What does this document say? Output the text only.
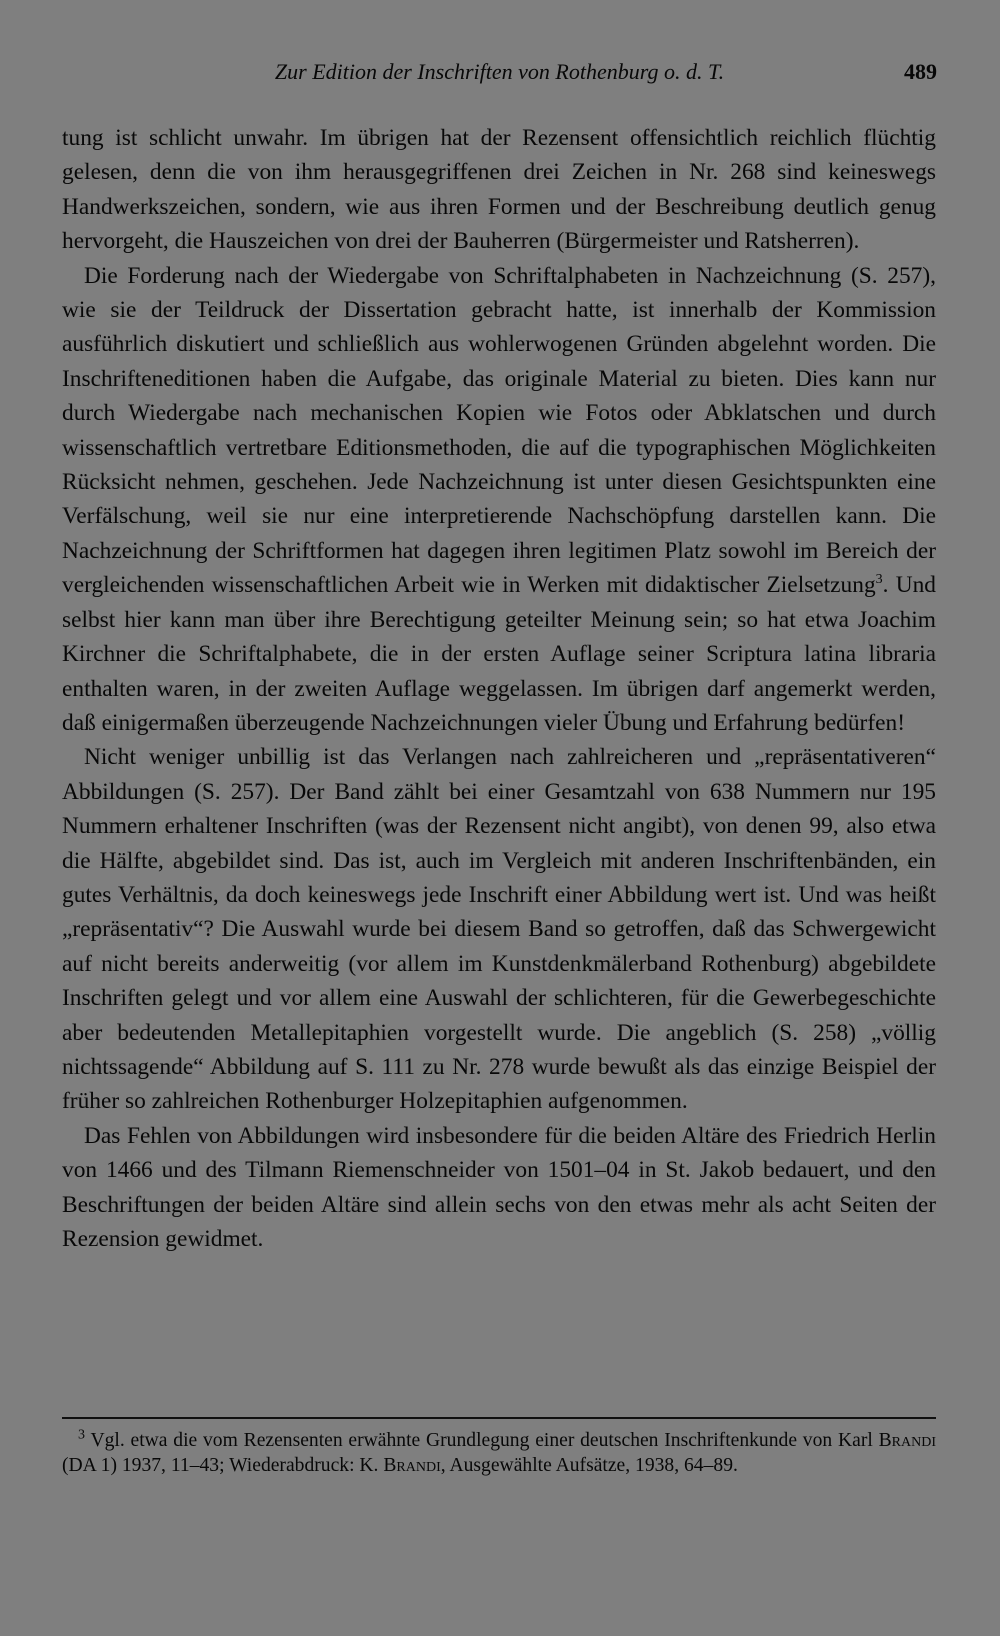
Zur Edition der Inschriften von Rothenburg o. d. T.	489

tung ist schlicht unwahr. Im übrigen hat der Rezensent offensichtlich reichlich flüchtig gelesen, denn die von ihm herausgegriffenen drei Zeichen in Nr. 268 sind keineswegs Handwerkszeichen, sondern, wie aus ihren Formen und der Beschreibung deutlich genug hervorgeht, die Hauszeichen von drei der Bauherren (Bürgermeister und Ratsherren).

Die Forderung nach der Wiedergabe von Schriftalphabeten in Nachzeichnung (S. 257), wie sie der Teildruck der Dissertation gebracht hatte, ist innerhalb der Kommission ausführlich diskutiert und schließlich aus wohlerwogenen Gründen abgelehnt worden. Die Inschrifteneditionen haben die Aufgabe, das originale Material zu bieten. Dies kann nur durch Wiedergabe nach mechanischen Kopien wie Fotos oder Abklatschen und durch wissenschaftlich vertretbare Editionsmethoden, die auf die typographischen Möglichkeiten Rücksicht nehmen, geschehen. Jede Nachzeichnung ist unter diesen Gesichtspunkten eine Verfälschung, weil sie nur eine interpretierende Nachschöpfung darstellen kann. Die Nachzeichnung der Schriftformen hat dagegen ihren legitimen Platz sowohl im Bereich der vergleichenden wissenschaftlichen Arbeit wie in Werken mit didaktischer Zielsetzung$^3$. Und selbst hier kann man über ihre Berechtigung geteilter Meinung sein; so hat etwa Joachim Kirchner die Schriftalphabete, die in der ersten Auflage seiner Scriptura latina libraria enthalten waren, in der zweiten Auflage weggelassen. Im übrigen darf angemerkt werden, daß einigermaßen überzeugende Nachzeichnungen vieler Übung und Erfahrung bedürfen!

Nicht weniger unbillig ist das Verlangen nach zahlreicheren und „repräsentativeren“ Abbildungen (S. 257). Der Band zählt bei einer Gesamtzahl von 638 Nummern nur 195 Nummern erhaltener Inschriften (was der Rezensent nicht angibt), von denen 99, also etwa die Hälfte, abgebildet sind. Das ist, auch im Vergleich mit anderen Inschriftenbänden, ein gutes Verhältnis, da doch keineswegs jede Inschrift einer Abbildung wert ist. Und was heißt „repräsentativ“? Die Auswahl wurde bei diesem Band so getroffen, daß das Schwergewicht auf nicht bereits anderweitig (vor allem im Kunstdenkmälerband Rothenburg) abgebildete Inschriften gelegt und vor allem eine Auswahl der schlichteren, für die Gewerbegeschichte aber bedeutenden Metallepitaphien vorgestellt wurde. Die angeblich (S. 258) „völlig nichtssagende“ Abbildung auf S. 111 zu Nr. 278 wurde bewußt als das einzige Beispiel der früher so zahlreichen Rothenburger Holzepitaphien aufgenommen.

Das Fehlen von Abbildungen wird insbesondere für die beiden Altäre des Friedrich Herlin von 1466 und des Tilmann Riemenschneider von 1501–04 in St. Jakob bedauert, und den Beschriftungen der beiden Altäre sind allein sechs von den etwas mehr als acht Seiten der Rezension gewidmet.

$^3$ Vgl. etwa die vom Rezensenten erwähnte Grundlegung einer deutschen Inschriftenkunde von Karl Brandi (DA 1) 1937, 11–43; Wiederabdruck: K. Brandi, Ausgewählte Aufsätze, 1938, 64–89.
